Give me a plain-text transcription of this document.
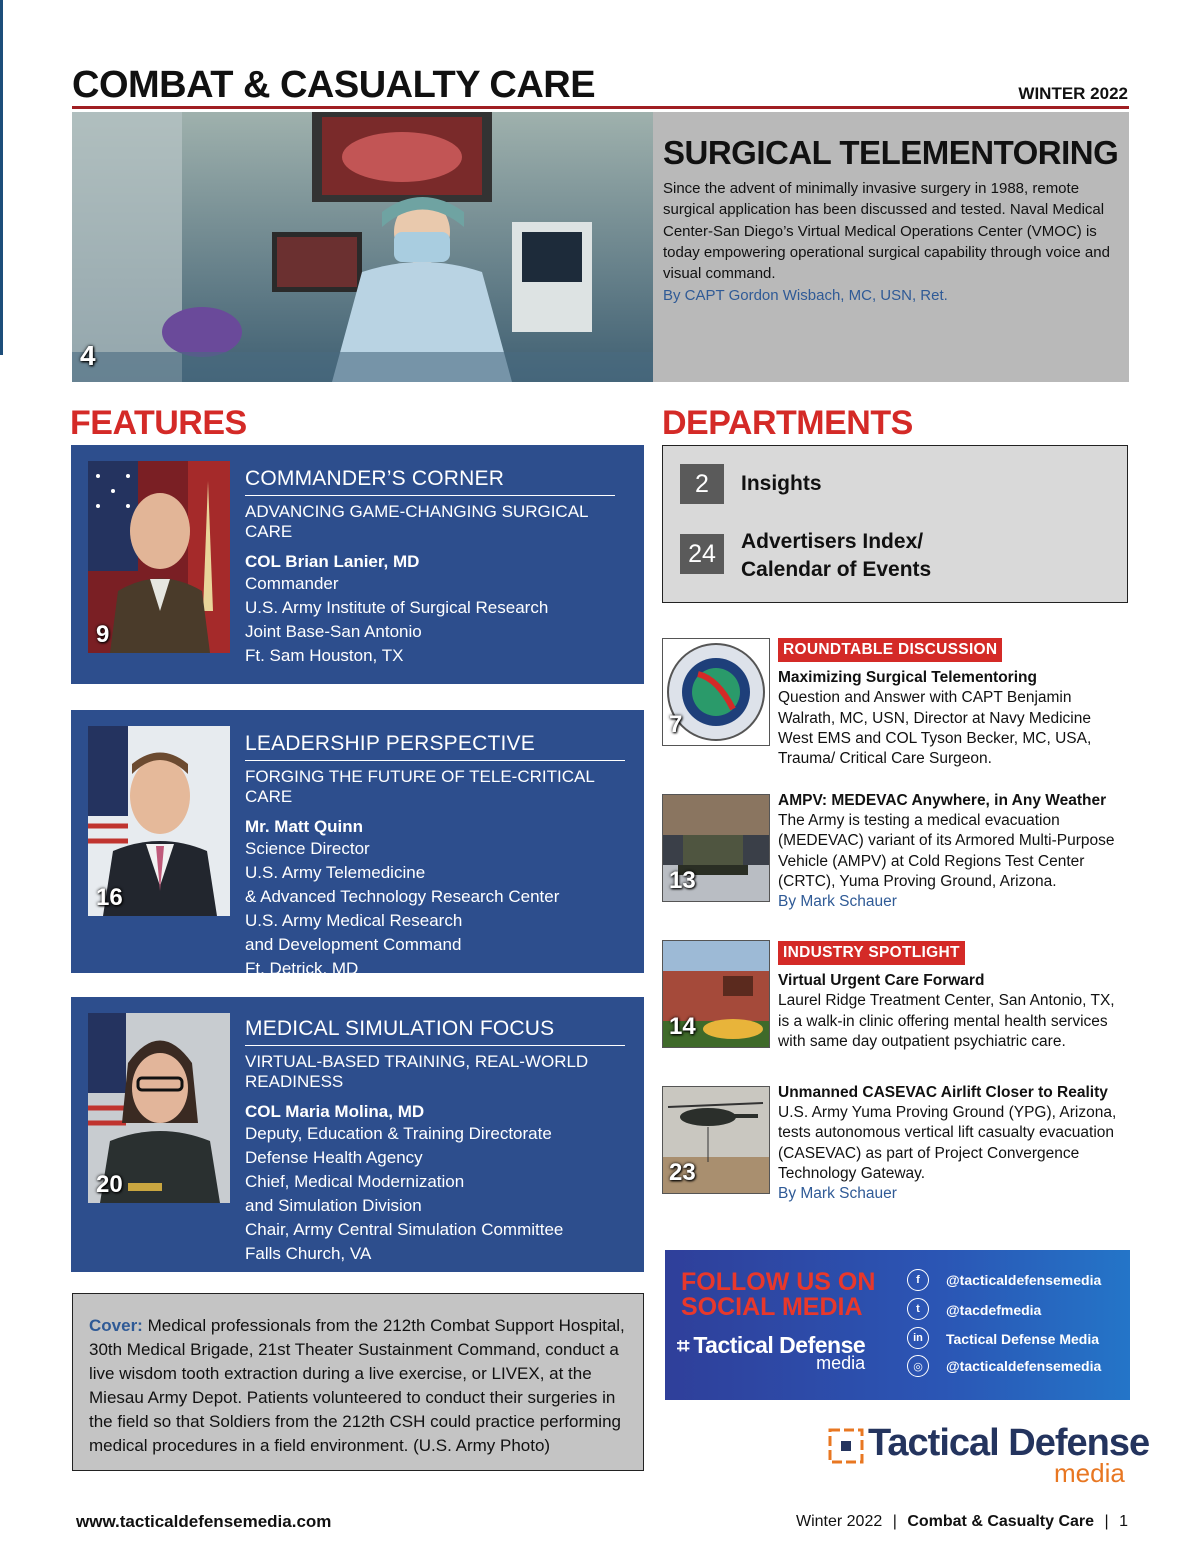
COMBAT & CASUALTY CARE	WINTER 2022
4
SURGICAL TELEMENTORING
Since the advent of minimally invasive surgery in 1988, remote surgical application has been discussed and tested. Naval Medical Center-San Diego’s Virtual Medical Operations Center (VMOC) is today empowering operational surgical capability through voice and visual command.
By CAPT Gordon Wisbach, MC, USN, Ret.
FEATURES	DEPARTMENTS
9
COMMANDER’S CORNER
ADVANCING GAME-CHANGING SURGICAL CARE
COL Brian Lanier, MD
Commander
U.S. Army Institute of Surgical Research
Joint Base-San Antonio
Ft. Sam Houston, TX
16
LEADERSHIP PERSPECTIVE
FORGING THE FUTURE OF TELE-CRITICAL CARE
Mr. Matt Quinn
Science Director
U.S. Army Telemedicine
& Advanced Technology Research Center
U.S. Army Medical Research
and Development Command
Ft. Detrick, MD
20
MEDICAL SIMULATION FOCUS
VIRTUAL-BASED TRAINING, REAL-WORLD READINESS
COL Maria Molina, MD
Deputy, Education & Training Directorate
Defense Health Agency
Chief, Medical Modernization
and Simulation Division
Chair, Army Central Simulation Committee
Falls Church, VA
2	Insights
24	Advertisers Index/
Calendar of Events
7
ROUNDTABLE DISCUSSION
Maximizing Surgical Telementoring
Question and Answer with CAPT Benjamin Walrath, MC, USN, Director at Navy Medicine West EMS and COL Tyson Becker, MC, USA, Trauma/ Critical Care Surgeon.
13
AMPV: MEDEVAC Anywhere, in Any Weather
The Army is testing a medical evacuation (MEDEVAC) variant of its Armored Multi-Purpose Vehicle (AMPV) at Cold Regions Test Center (CRTC), Yuma Proving Ground, Arizona.
By Mark Schauer
14
INDUSTRY SPOTLIGHT
Virtual Urgent Care Forward
Laurel Ridge Treatment Center, San Antonio, TX, is a walk-in clinic offering mental health services with same day outpatient psychiatric care.
23
Unmanned CASEVAC Airlift Closer to Reality
U.S. Army Yuma Proving Ground (YPG), Arizona, tests autonomous vertical lift casualty evacuation (CASEVAC) as part of Project Convergence Technology Gateway.
By Mark Schauer
FOLLOW US ON
SOCIAL MEDIA
⌗ Tactical Defense
media
f	@tacticaldefensemedia
t	@tacdefmedia
in	Tactical Defense Media
◎	@tacticaldefensemedia
Cover: Medical professionals from the 212th Combat Support Hospital, 30th Medical Brigade, 21st Theater Sustainment Command, conduct a live wisdom tooth extraction during a live exercise, or LIVEX, at the Miesau Army Depot. Patients volunteered to conduct their surgeries in the field so that Soldiers from the 212th CSH could practice performing medical procedures in a field environment. (U.S. Army Photo)	Tactical Defense
media
www.tacticaldefensemedia.com	Winter 2022 | Combat & Casualty Care | 1
